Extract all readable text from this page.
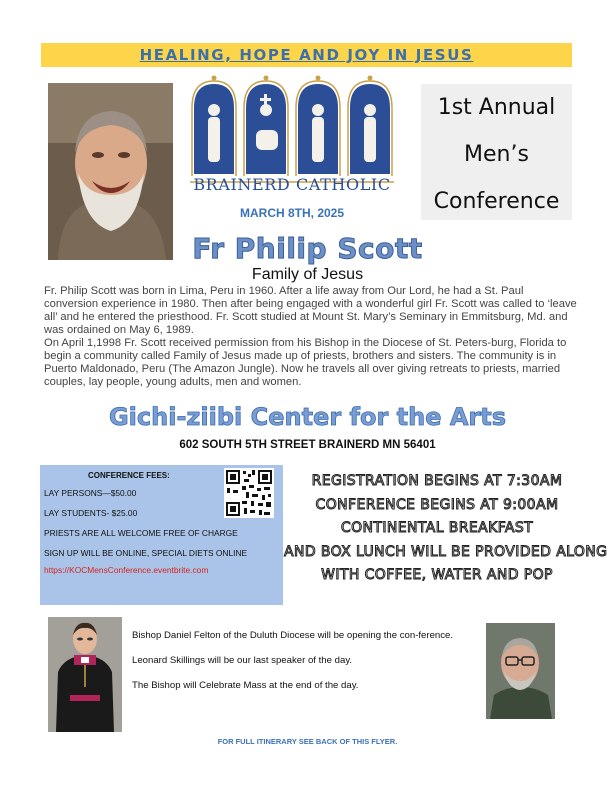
HEALING, HOPE AND JOY IN JESUS
BRAINERD CATHOLIC
MARCH 8TH, 2025
1st Annual
Men’s
Conference
Fr Philip Scott
Family of Jesus

Fr. Philip Scott was born in Lima, Peru in 1960. After a life away from Our Lord, he had a St. Paul conversion experience in 1980. Then after being engaged with a wonderful girl Fr. Scott was called to ‘leave all’ and he entered the priesthood. Fr. Scott studied at Mount St. Mary’s Seminary in Emmitsburg, Md. and was ordained on May 6, 1989.

On April 1,1998 Fr. Scott received permission from his Bishop in the Diocese of St. Peters-burg, Florida to begin a community called Family of Jesus made up of priests, brothers and sisters. The community is in Puerto Maldonado, Peru (The Amazon Jungle). Now he travels all over giving retreats to priests, married couples, lay people, young adults, men and women.

Gichi-ziibi Center for the Arts
602 SOUTH 5TH STREET BRAINERD MN 56401
CONFERENCE FEES:
LAY PERSONS—$50.00
LAY STUDENTS- $25.00
PRIESTS ARE ALL WELCOME FREE OF CHARGE
SIGN UP WILL BE ONLINE, SPECIAL DIETS ONLINE
https://KOCMensConference.eventbrite.com
REGISTRATION BEGINS AT 7:30AM
CONFERENCE BEGINS AT 9:00AM
CONTINENTAL BREAKFAST
AND BOX LUNCH WILL BE PROVIDED ALONG
WITH COFFEE, WATER AND POP

Bishop Daniel Felton of the Duluth Diocese will be opening the con-ference.

Leonard Skillings will be our last speaker of the day.

The Bishop will Celebrate Mass at the end of the day.

FOR FULL ITINERARY SEE BACK OF THIS FLYER.
